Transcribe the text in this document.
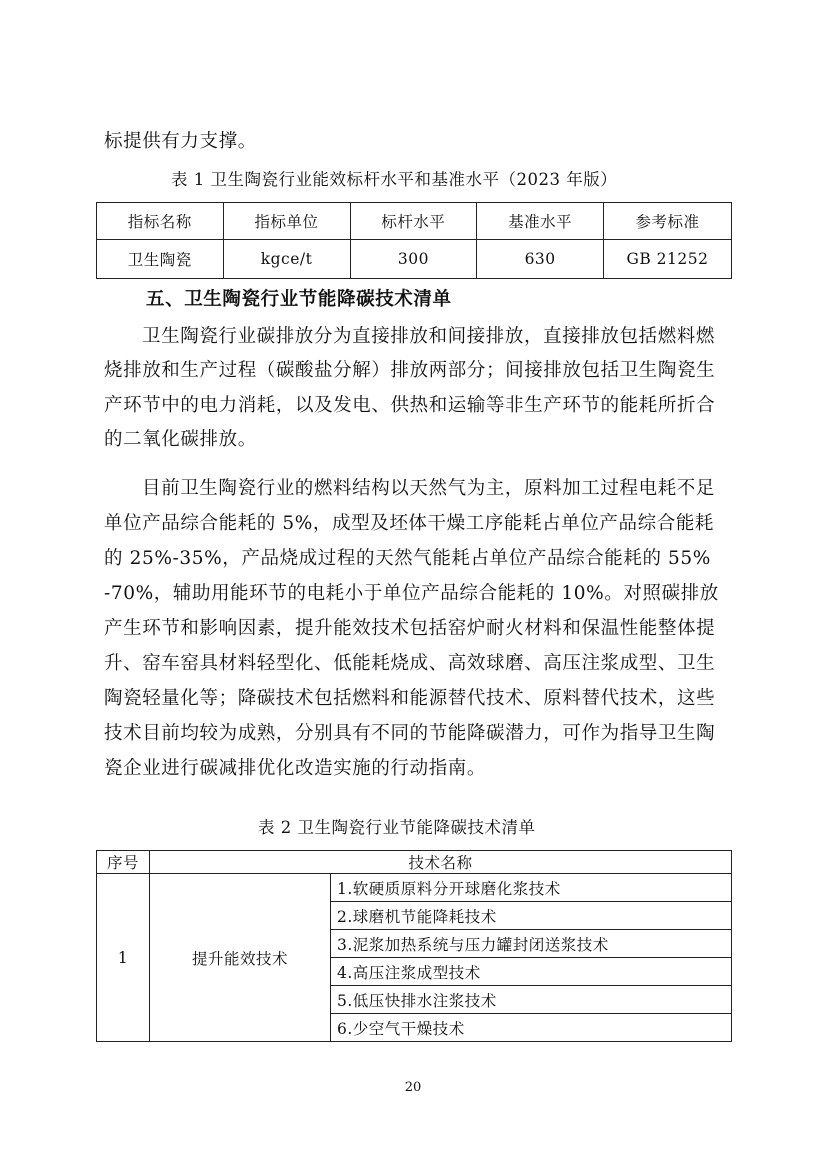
标提供有力支撑。
表 1 卫生陶瓷行业能效标杆水平和基准水平（2023 年版）
指标名称	指标单位	标杆水平	基准水平	参考标准
卫生陶瓷	kgce/t	300	630	GB 21252
五、卫生陶瓷行业节能降碳技术清单
卫生陶瓷行业碳排放分为直接排放和间接排放，直接排放包括燃料燃
烧排放和生产过程（碳酸盐分解）排放两部分；间接排放包括卫生陶瓷生
产环节中的电力消耗，以及发电、供热和运输等非生产环节的能耗所折合
的二氧化碳排放。
目前卫生陶瓷行业的燃料结构以天然气为主，原料加工过程电耗不足
单位产品综合能耗的 5%，成型及坯体干燥工序能耗占单位产品综合能耗
的 25%-35%，产品烧成过程的天然气能耗占单位产品综合能耗的 55%
-70%，辅助用能环节的电耗小于单位产品综合能耗的 10%。对照碳排放
产生环节和影响因素，提升能效技术包括窑炉耐火材料和保温性能整体提
升、窑车窑具材料轻型化、低能耗烧成、高效球磨、高压注浆成型、卫生
陶瓷轻量化等；降碳技术包括燃料和能源替代技术、原料替代技术，这些
技术目前均较为成熟，分别具有不同的节能降碳潜力，可作为指导卫生陶
瓷企业进行碳减排优化改造实施的行动指南。
表 2 卫生陶瓷行业节能降碳技术清单
序号	技术名称	
1	提升能效技术	1.软硬质原料分开球磨化浆技术
		2.球磨机节能降耗技术
		3.泥浆加热系统与压力罐封闭送浆技术
		4.高压注浆成型技术
		5.低压快排水注浆技术
		6.少空气干燥技术
20
